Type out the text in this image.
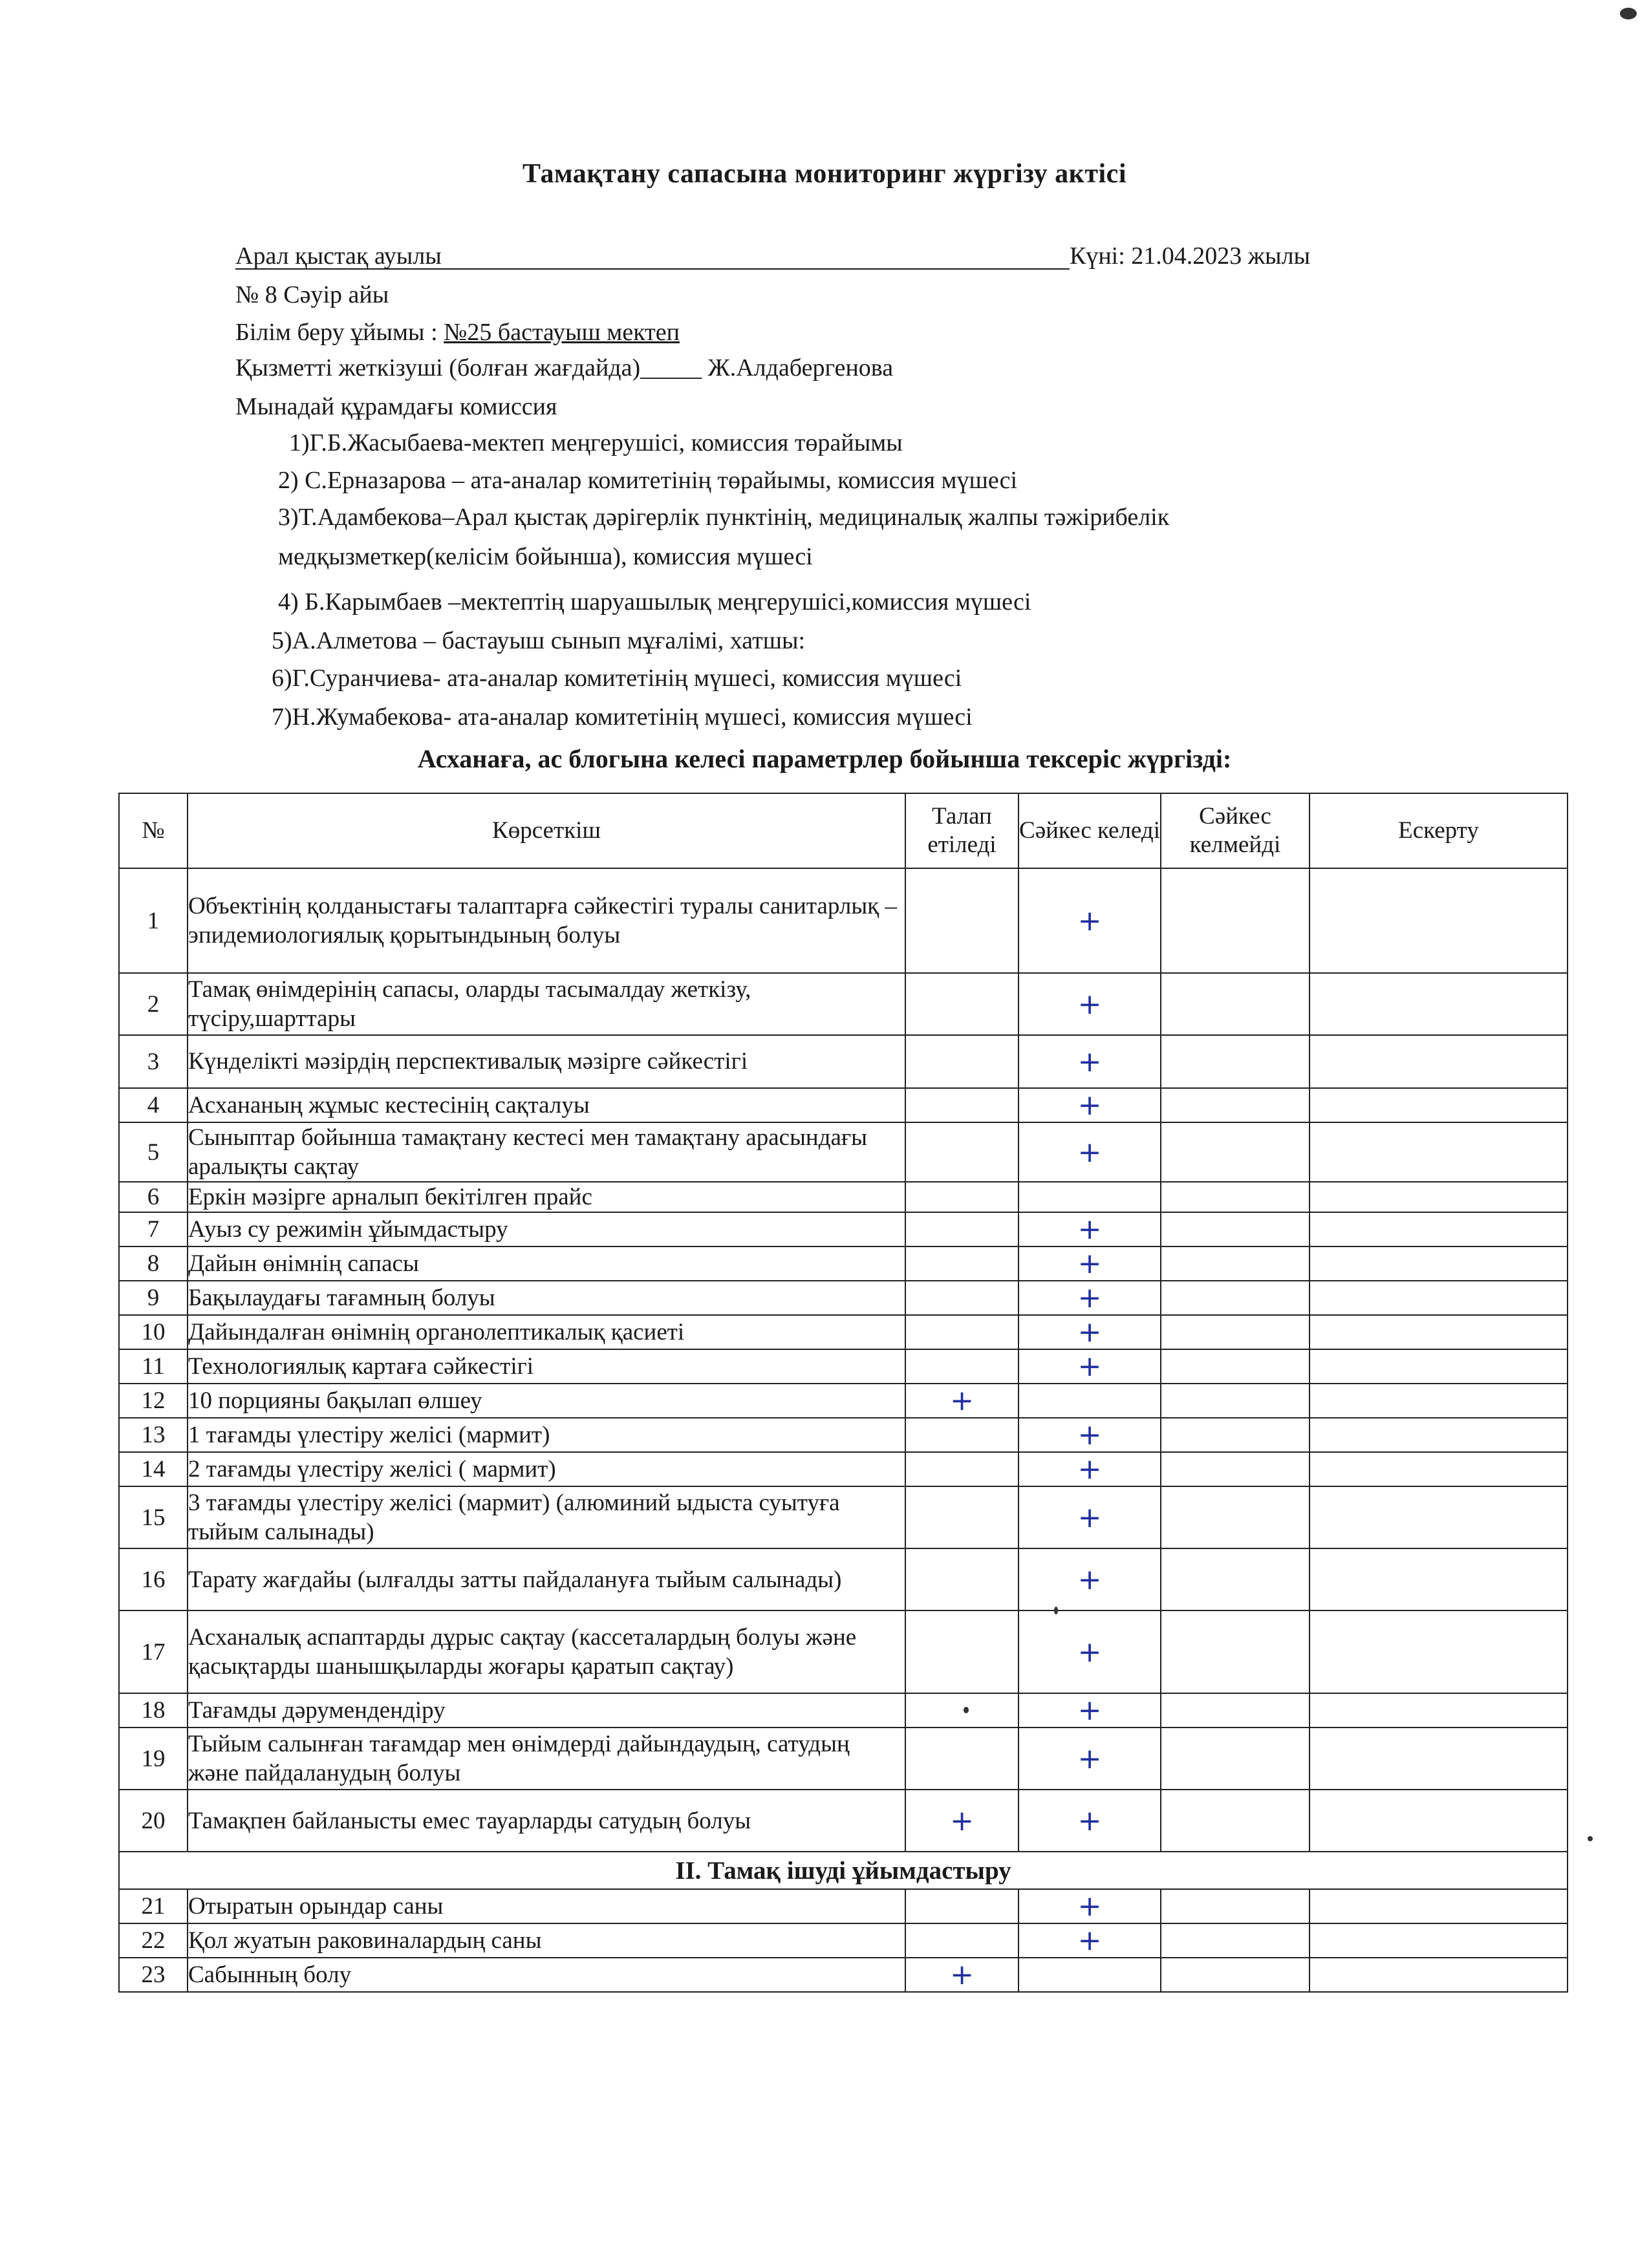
Тамақтану сапасына мониторинг жүргізу актісі
Арал қыстақ ауылы	Күні: 21.04.2023 жылы
№ 8 Сәуір айы
Білім беру ұйымы : №25 бастауыш мектеп
Қызметті жеткізуші (болған жағдайда)_____ Ж.Алдабергенова
Мынадай құрамдағы комиссия
1)Г.Б.Жасыбаева-мектеп меңгерушісі, комиссия төрайымы
2) С.Ерназарова – ата-аналар комитетінің төрайымы, комиссия мүшесі
3)Т.Адамбекова–Арал қыстақ дәрігерлік пунктінің, медициналық жалпы тәжірибелік
медқызметкер(келісім бойынша), комиссия мүшесі
4) Б.Карымбаев –мектептің шаруашылық меңгерушісі,комиссия мүшесі
5)А.Алметова – бастауыш сынып мұғалімі, хатшы:
6)Г.Суранчиева- ата-аналар комитетінің мүшесі, комиссия мүшесі
7)Н.Жумабекова- ата-аналар комитетінің мүшесі, комиссия мүшесі
Асханаға, ас блогына келесі параметрлер бойынша тексеріс жүргізді:
№	Көрсеткіш	Талап етіледі	Сәйкес келеді	Сәйкес келмейді	Ескерту
1	Объектінің қолданыстағы талаптарға сәйкестігі туралы санитарлық – эпидемиологиялық қорытындының болуы		+		
2	Тамақ өнімдерінің сапасы, оларды тасымалдау жеткізу, түсіру,шарттары		+		
3	Күнделікті мәзірдің перспективалық мәзірге сәйкестігі		+		
4	Асхананың жұмыс кестесінің сақталуы		+		
5	Сыныптар бойынша тамақтану кестесі мен тамақтану арасындағы аралықты сақтау		+		
6	Еркін мәзірге арналып бекітілген прайс				
7	Ауыз су режимін ұйымдастыру		+		
8	Дайын өнімнің сапасы		+		
9	Бақылаудағы тағамның болуы		+		
10	Дайындалған өнімнің органолептикалық қасиеті		+		
11	Технологиялық картаға сәйкестігі		+		
12	10 порцияны бақылап өлшеу	+			
13	1 тағамды үлестіру желісі (мармит)		+		
14	2 тағамды үлестіру желісі ( мармит)		+		
15	3 тағамды үлестіру желісі (мармит) (алюминий ыдыста суытуға тыйым салынады)		+		
16	Тарату жағдайы (ылғалды затты пайдалануға тыйым салынады)		+		
17	Асханалық аспаптарды дұрыс сақтау (кассеталардың болуы және қасықтарды шанышқыларды жоғары қаратып сақтау)		+		
18	Тағамды дәрумендендіру		+		
19	Тыйым салынған тағамдар мен өнімдерді дайындаудың, сатудың және пайдаланудың болуы		+		
20	Тамақпен байланысты емес тауарларды сатудың болуы	+	+		
II. Тамақ ішуді ұйымдастыру					
21	Отыратын орындар саны		+		
22	Қол жуатын раковиналардың саны		+		
23	Сабынның болу	+			
